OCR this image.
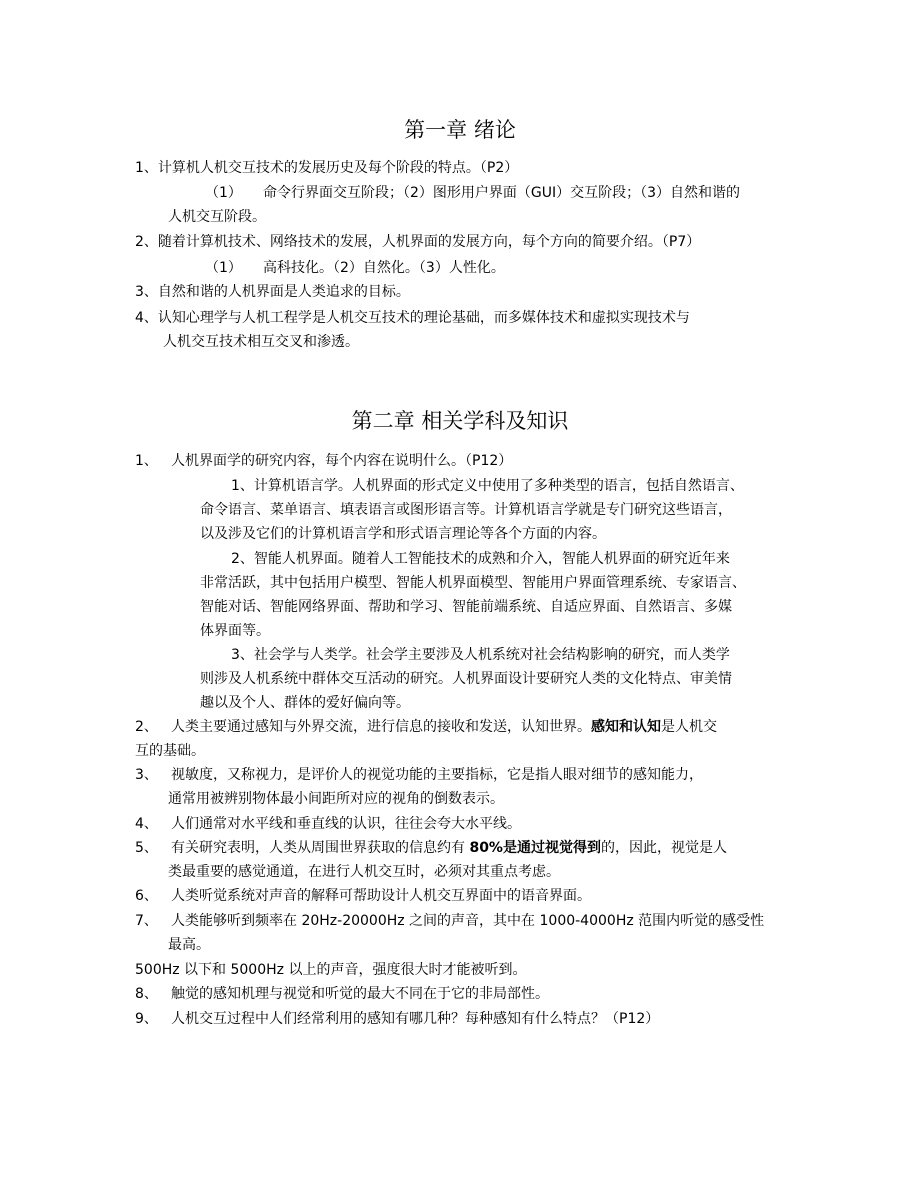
第一章 绪论
1、计算机人机交互技术的发展历史及每个阶段的特点。（P2）
（1） 命令行界面交互阶段；（2）图形用户界面（GUI）交互阶段；（3）自然和谐的
人机交互阶段。
2、随着计算机技术、网络技术的发展，人机界面的发展方向，每个方向的简要介绍。（P7）
（1） 高科技化。（2）自然化。（3）人性化。
3、自然和谐的人机界面是人类追求的目标。
4、认知心理学与人机工程学是人机交互技术的理论基础，而多媒体技术和虚拟实现技术与
人机交互技术相互交叉和渗透。
第二章 相关学科及知识
1、 人机界面学的研究内容，每个内容在说明什么。（P12）
1、计算机语言学。人机界面的形式定义中使用了多种类型的语言，包括自然语言、
命令语言、菜单语言、填表语言或图形语言等。计算机语言学就是专门研究这些语言，
以及涉及它们的计算机语言学和形式语言理论等各个方面的内容。
2、智能人机界面。随着人工智能技术的成熟和介入，智能人机界面的研究近年来
非常活跃，其中包括用户模型、智能人机界面模型、智能用户界面管理系统、专家语言、
智能对话、智能网络界面、帮助和学习、智能前端系统、自适应界面、自然语言、多媒
体界面等。
3、社会学与人类学。社会学主要涉及人机系统对社会结构影响的研究，而人类学
则涉及人机系统中群体交互活动的研究。人机界面设计要研究人类的文化特点、审美情
趣以及个人、群体的爱好偏向等。
2、 人类主要通过感知与外界交流，进行信息的接收和发送，认知世界。感知和认知是人机交
互的基础。
3、 视敏度，又称视力，是评价人的视觉功能的主要指标，它是指人眼对细节的感知能力，
通常用被辨别物体最小间距所对应的视角的倒数表示。
4、 人们通常对水平线和垂直线的认识，往往会夸大水平线。
5、 有关研究表明，人类从周围世界获取的信息约有 80%是通过视觉得到的，因此，视觉是人
类最重要的感觉通道，在进行人机交互时，必须对其重点考虑。
6、 人类听觉系统对声音的解释可帮助设计人机交互界面中的语音界面。
7、 人类能够听到频率在 20Hz-20000Hz 之间的声音，其中在 1000-4000Hz 范围内听觉的感受性
最高。
500Hz 以下和 5000Hz 以上的声音，强度很大时才能被听到。
8、 触觉的感知机理与视觉和听觉的最大不同在于它的非局部性。
9、 人机交互过程中人们经常利用的感知有哪几种？每种感知有什么特点？（P12）
